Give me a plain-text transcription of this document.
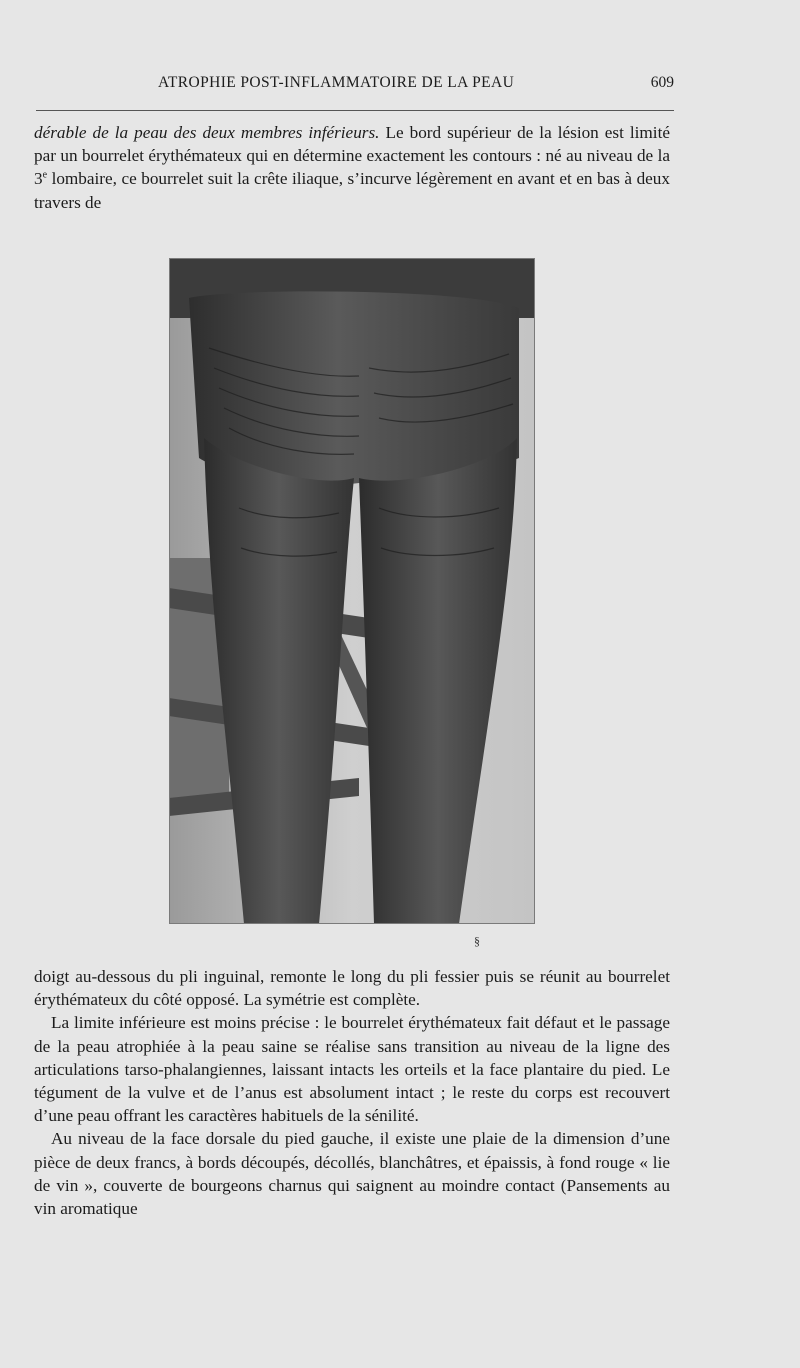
ATROPHIE POST-INFLAMMATOIRE DE LA PEAU	609

dérable de la peau des deux membres inférieurs. Le bord supérieur de la lésion est limité par un bourrelet érythémateux qui en détermine exactement les contours : né au niveau de la 3e lombaire, ce bourrelet suit la crête iliaque, s’incurve légèrement en avant et en bas à deux travers de

§

doigt au-dessous du pli inguinal, remonte le long du pli fessier puis se réunit au bourrelet érythémateux du côté opposé. La symétrie est complète.

La limite inférieure est moins précise : le bourrelet érythémateux fait défaut et le passage de la peau atrophiée à la peau saine se réalise sans transition au niveau de la ligne des articulations tarso-phalangiennes, laissant intacts les orteils et la face plantaire du pied. Le tégument de la vulve et de l’anus est absolument intact ; le reste du corps est recouvert d’une peau offrant les caractères habituels de la sénilité.

Au niveau de la face dorsale du pied gauche, il existe une plaie de la dimension d’une pièce de deux francs, à bords découpés, décollés, blanchâtres, et épaissis, à fond rouge « lie de vin », couverte de bourgeons charnus qui saignent au moindre contact (Pansements au vin aromatique
